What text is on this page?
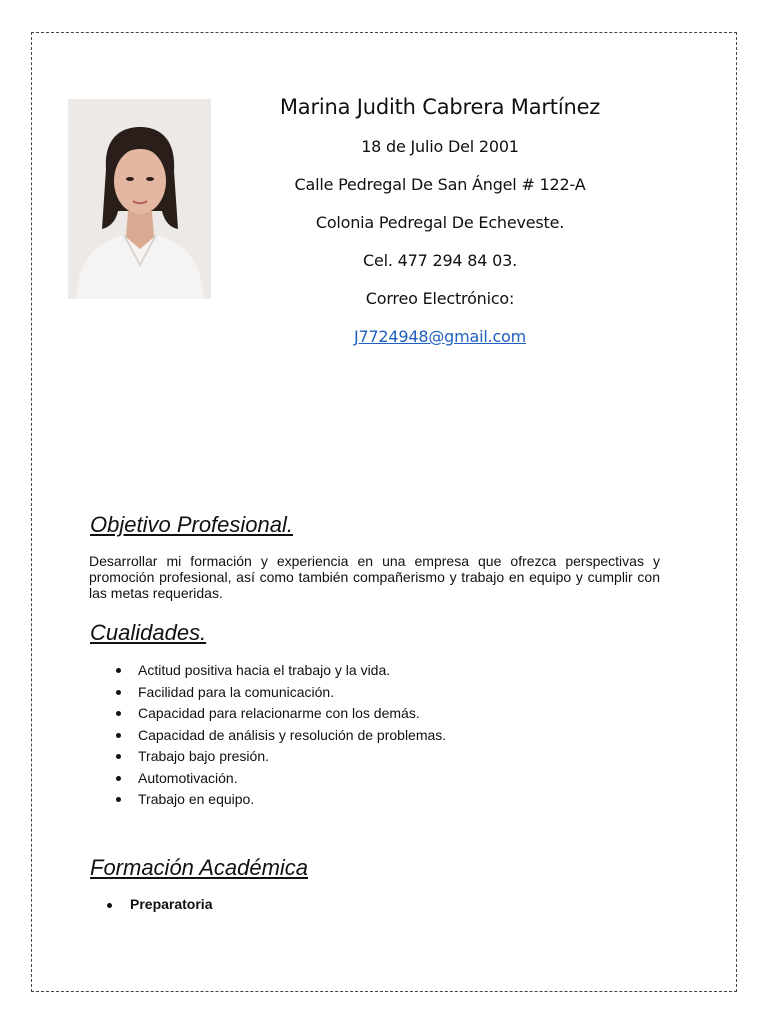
Marina Judith Cabrera Martínez
18 de Julio Del 2001
Calle Pedregal De San Ángel # 122-A
Colonia Pedregal De Echeveste.
Cel. 477 294 84 03.
Correo Electrónico:
J7724948@gmail.com
Objetivo Profesional.
Desarrollar mi formación y experiencia en una empresa que ofrezca perspectivas y promoción profesional, así como también compañerismo y trabajo en equipo y cumplir con las metas requeridas.
Cualidades.
Actitud positiva hacia el trabajo y la vida.
Facilidad para la comunicación.
Capacidad para relacionarme con los demás.
Capacidad de análisis y resolución de problemas.
Trabajo bajo presión.
Automotivación.
Trabajo en equipo.
Formación Académica
Preparatoria
